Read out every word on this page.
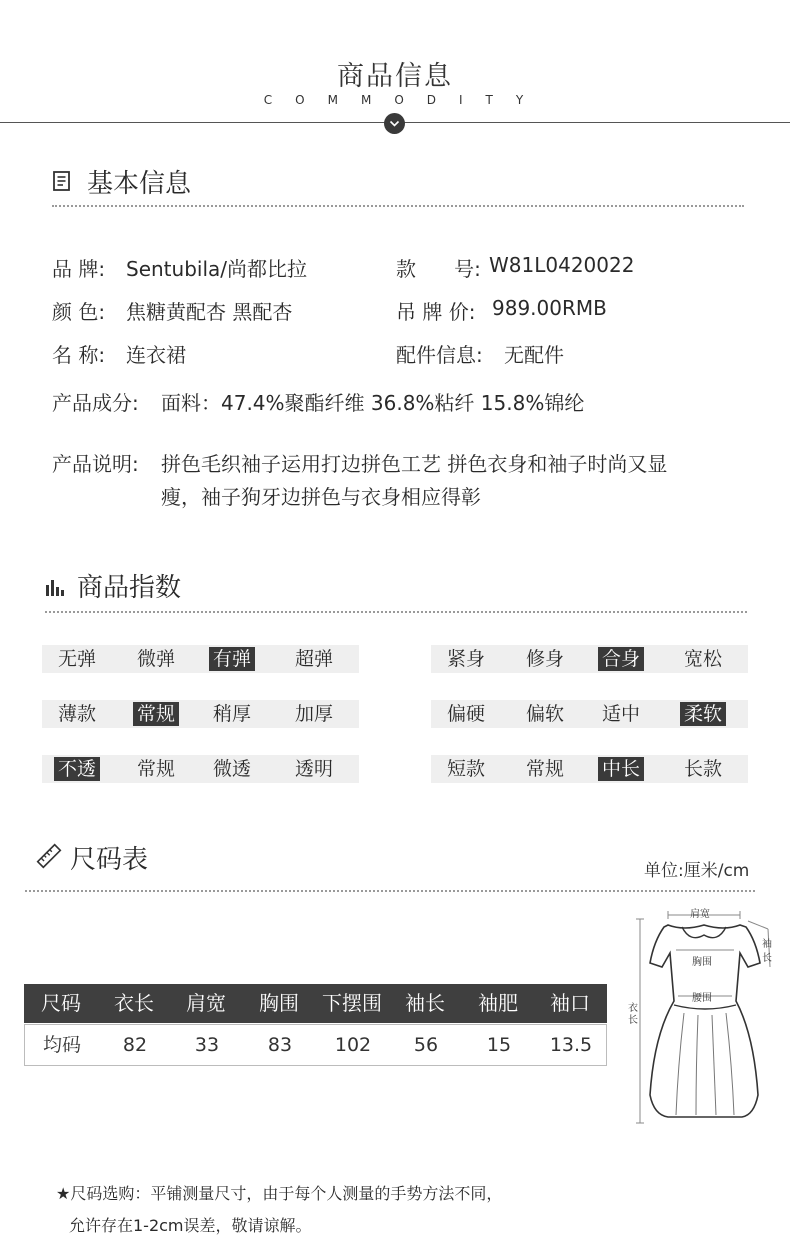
商品信息
COMMODITY
基本信息
品 牌: Sentubila/尚都比拉	款      号: W81L0420022
颜 色: 焦糖黄配杏 黑配杏	吊 牌 价: 989.00RMB
名 称: 连衣裙	配件信息: 无配件
产品成分: 面料：47.4%聚酯纤维 36.8%粘纤 15.8%锦纶
产品说明: 拼色毛织袖子运用打边拼色工艺 拼色衣身和袖子时尚又显
瘦，袖子狗牙边拼色与衣身相应得彰
商品指数
无弹	微弹	有弹	超弹	紧身	修身	合身	宽松
薄款	常规	稍厚	加厚	偏硬	偏软	适中	柔软
不透	常规	微透	透明	短款	常规	中长	长款
尺码表	单位:厘米/cm
尺码	衣长	肩宽	胸围	下摆围	袖长	袖肥	袖口
均码	82	33	83	102	56	15	13.5
肩宽
胸围
腰围
衣
长
袖
长
★尺码选购：平铺测量尺寸，由于每个人测量的手势方法不同，
允许存在1-2cm误差，敬请谅解。
